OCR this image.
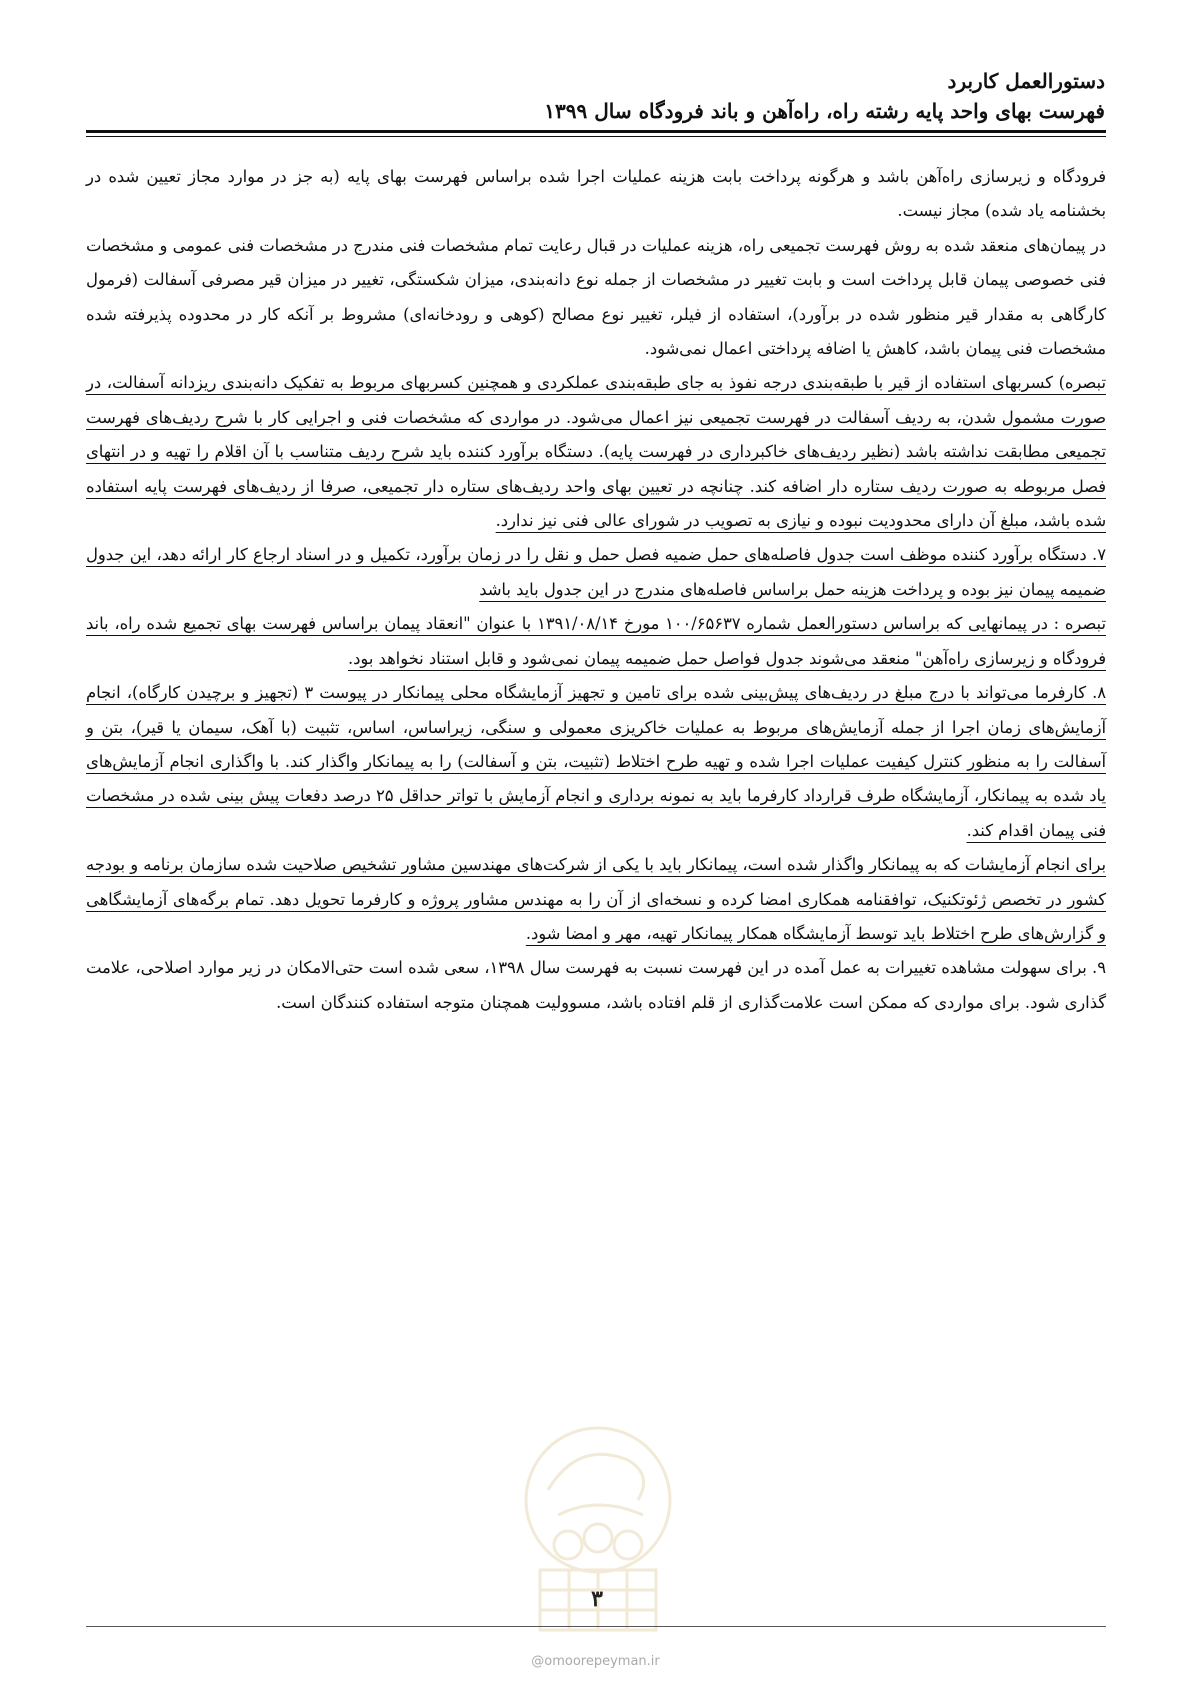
دستورالعمل کاربرد
فهرست بهای واحد پایه رشته راه، راه‌آهن و باند فرودگاه سال ۱۳۹۹

فرودگاه و زیرسازی راه‌آهن باشد و هرگونه پرداخت بابت هزینه عملیات اجرا شده براساس فهرست بهای پایه (به جز در موارد مجاز تعیین شده در بخشنامه یاد شده) مجاز نیست.

در پیمان‌های منعقد شده به روش فهرست تجمیعی راه، هزینه عملیات در قبال رعایت تمام مشخصات فنی مندرج در مشخصات فنی عمومی و مشخصات فنی خصوصی پیمان قابل پرداخت است و بابت تغییر در مشخصات از جمله نوع دانه‌بندی، میزان شکستگی، تغییر در میزان قیر مصرفی آسفالت (فرمول کارگاهی به مقدار قیر منظور شده در برآورد)، استفاده از فیلر، تغییر نوع مصالح (کوهی و رودخانه‌ای) مشروط بر آنکه کار در محدوده پذیرفته شده مشخصات فنی پیمان باشد، کاهش یا اضافه پرداختی اعمال نمی‌شود.

تبصره) کسربهای استفاده از قیر با طبقه‌بندی درجه نفوذ به جای طبقه‌بندی عملکردی و همچنین کسربهای مربوط به تفکیک دانه‌بندی ریزدانه آسفالت، در صورت مشمول شدن، به ردیف آسفالت در فهرست تجمیعی نیز اعمال می‌شود. در مواردی که مشخصات فنی و اجرایی کار با شرح ردیف‌های فهرست تجمیعی مطابقت نداشته باشد (نظیر ردیف‌های خاکبرداری در فهرست پایه). دستگاه برآورد کننده باید شرح ردیف متناسب با آن اقلام را تهیه و در انتهای فصل مربوطه به صورت ردیف ستاره دار اضافه کند. چنانچه در تعیین بهای واحد ردیف‌های ستاره دار تجمیعی، صرفا از ردیف‌های فهرست پایه استفاده شده باشد، مبلغ آن دارای محدودیت نبوده و نیازی به تصویب در شورای عالی فنی نیز ندارد.

۷. دستگاه برآورد کننده موظف است جدول فاصله‌های حمل ضمیه فصل حمل و نقل را در زمان برآورد، تکمیل و در اسناد ارجاع کار ارائه دهد، این جدول ضمیمه پیمان نیز بوده و پرداخت هزینه حمل براساس فاصله‌های مندرج در این جدول باید باشد

تبصره : در پیمانهایی که براساس دستورالعمل شماره ۱۰۰/۶۵۶۳۷ مورخ ۱۳۹۱/۰۸/۱۴ با عنوان "انعقاد پیمان براساس فهرست بهای تجمیع شده راه، باند فرودگاه و زیرسازی راه‌آهن" منعقد می‌شوند جدول فواصل حمل ضمیمه پیمان نمی‌شود و قابل استناد نخواهد بود.

۸. کارفرما می‌تواند با درج مبلغ در ردیف‌های پیش‌بینی شده برای تامین و تجهیز آزمایشگاه محلی پیمانکار در پیوست ۳ (تجهیز و برچیدن کارگاه)، انجام آزمایش‌های زمان اجرا از جمله آزمایش‌های مربوط به عملیات خاکریزی معمولی و سنگی، زیراساس، اساس، تثبیت (با آهک، سیمان یا قیر)، بتن و آسفالت را به منظور کنترل کیفیت عملیات اجرا شده و تهیه طرح اختلاط (تثبیت، بتن و آسفالت) را به پیمانکار واگذار کند. با واگذاری انجام آزمایش‌های یاد شده به پیمانکار، آزمایشگاه طرف قرارداد کارفرما باید به نمونه برداری و انجام آزمایش با تواتر حداقل ۲۵ درصد دفعات پیش بینی شده در مشخصات فنی پیمان اقدام کند.

برای انجام آزمایشات که به پیمانکار واگذار شده است، پیمانکار باید با یکی از شرکت‌های مهندسین مشاور تشخیص صلاحیت شده سازمان برنامه و بودجه کشور در تخصص ژئوتکنیک، توافقنامه همکاری امضا کرده و نسخه‌ای از آن را به مهندس مشاور پروژه و کارفرما تحویل دهد. تمام برگه‌های آزمایشگاهی و گزارش‌های طرح اختلاط باید توسط آزمایشگاه همکار پیمانکار تهیه، مهر و امضا شود.

۹. برای سهولت مشاهده تغییرات به عمل آمده در این فهرست نسبت به فهرست سال ۱۳۹۸، سعی شده است حتی‌الامکان در زیر موارد اصلاحی، علامت گذاری شود. برای مواردی که ممکن است علامت‌گذاری از قلم افتاده باشد، مسوولیت همچنان متوجه استفاده کنندگان است.

۳
@omoorepeyman.ir
